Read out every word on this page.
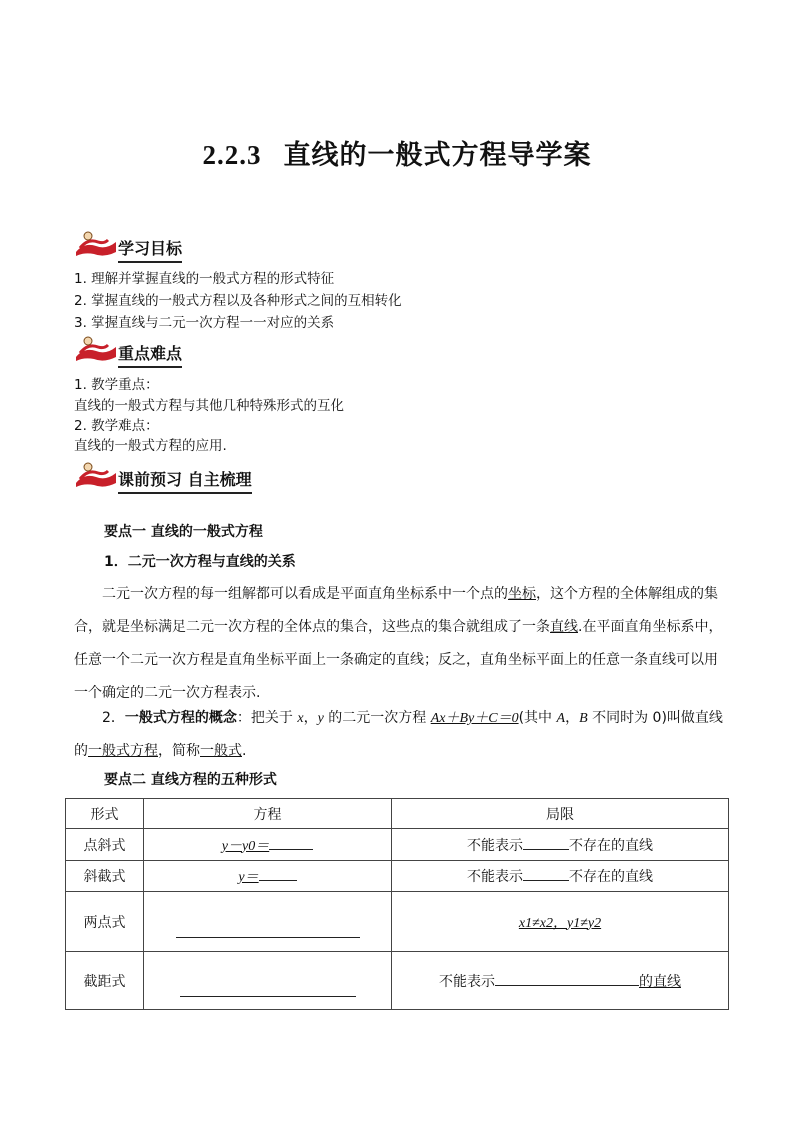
2.2.3 直线的一般式方程导学案
学习目标
1. 理解并掌握直线的一般式方程的形式特征
2. 掌握直线的一般式方程以及各种形式之间的互相转化
3. 掌握直线与二元一次方程一一对应的关系
重点难点
1. 教学重点：
直线的一般式方程与其他几种特殊形式的互化
2. 教学难点：
直线的一般式方程的应用.
课前预习 自主梳理
要点一 直线的一般式方程
1．二元一次方程与直线的关系
二元一次方程的每一组解都可以看成是平面直角坐标系中一个点的坐标，这个方程的全体解组成的集合，就是坐标满足二元一次方程的全体点的集合，这些点的集合就组成了一条直线.在平面直角坐标系中，任意一个二元一次方程是直角坐标平面上一条确定的直线；反之，直角坐标平面上的任意一条直线可以用一个确定的二元一次方程表示.
2．一般式方程的概念：把关于 x，y 的二元一次方程 Ax＋By＋C＝0(其中 A，B 不同时为 0)叫做直线的一般式方程，简称一般式.
要点二 直线方程的五种形式
形式	方程	局限
点斜式	y－y0＝	不能表示 不存在的直线
斜截式	y＝	不能表示 不存在的直线
两点式		x1≠x2，y1≠y2
截距式		不能表示 的直线
